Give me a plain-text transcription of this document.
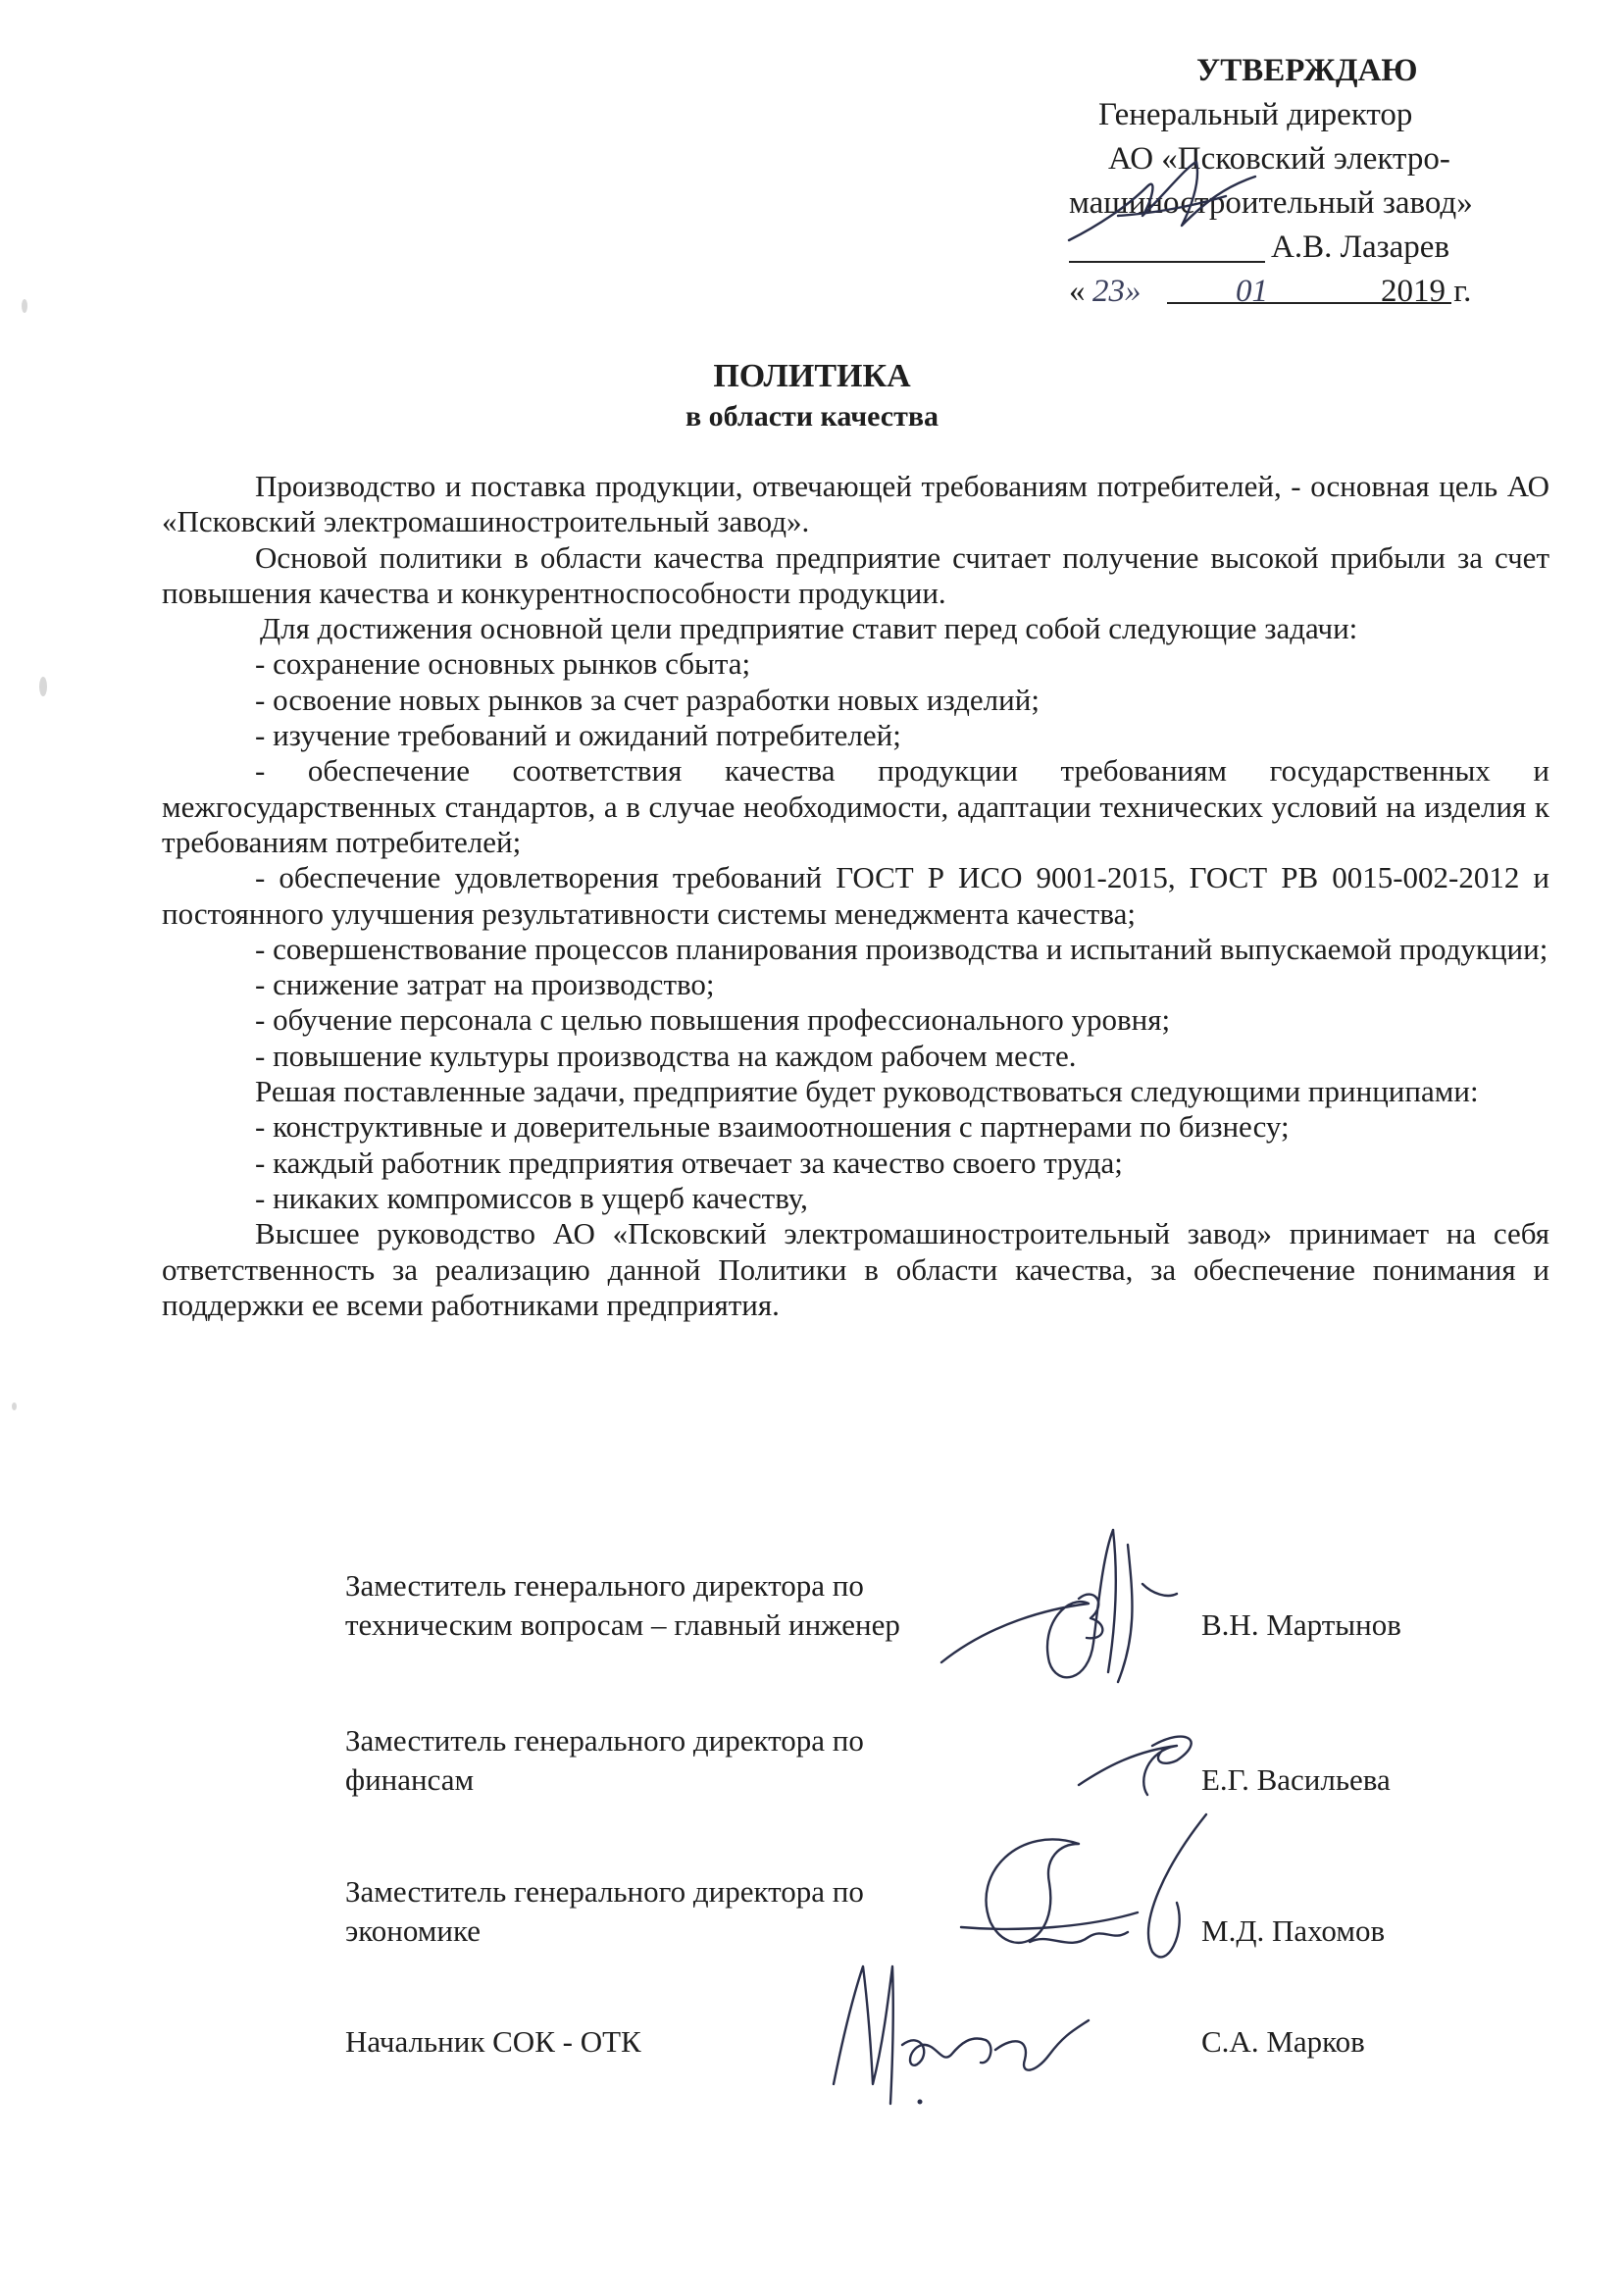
УТВЕРЖДАЮ
Генеральный директор
АО «Псковский электро-
машиностроительный завод»
А.В. Лазарев
« 23»	01	2019 г.
ПОЛИТИКА
в области качества

Производство и поставка продукции, отвечающей требованиям потребителей, - основная цель АО «Псковский электромашиностроительный завод».

Основой политики в области качества предприятие считает получение высокой прибыли за счет повышения качества и конкурентноспособности продукции.

Для достижения основной цели предприятие ставит перед собой следующие задачи:

- сохранение основных рынков сбыта;

- освоение новых рынков за счет разработки новых изделий;

- изучение требований и ожиданий потребителей;

- обеспечение соответствия качества продукции требованиям государственных и межгосударственных стандартов, а в случае необходимости, адаптации технических условий на изделия к требованиям потребителей;

- обеспечение удовлетворения требований ГОСТ Р ИСО 9001-2015, ГОСТ РВ 0015-002-2012 и постоянного улучшения результативности системы менеджмента качества;

- совершенствование процессов планирования производства и испытаний выпускаемой продукции;

- снижение затрат на производство;

- обучение персонала с целью повышения профессионального уровня;

- повышение культуры производства на каждом рабочем месте.

Решая поставленные задачи, предприятие будет руководствоваться следующими принципами:

- конструктивные и доверительные взаимоотношения с партнерами по бизнесу;

- каждый работник предприятия отвечает за качество своего труда;

- никаких компромиссов в ущерб качеству,

Высшее руководство АО «Псковский электромашиностроительный завод» принимает на себя ответственность за реализацию данной Политики в области качества, за обеспечение понимания и поддержки ее всеми работниками предприятия.

Заместитель генерального директора по
техническим вопросам – главный инженер	В.Н. Мартынов
Заместитель генерального директора по
финансам	Е.Г. Васильева
Заместитель генерального директора по
экономике	М.Д. Пахомов
Начальник СОК - ОТК	С.А. Марков
